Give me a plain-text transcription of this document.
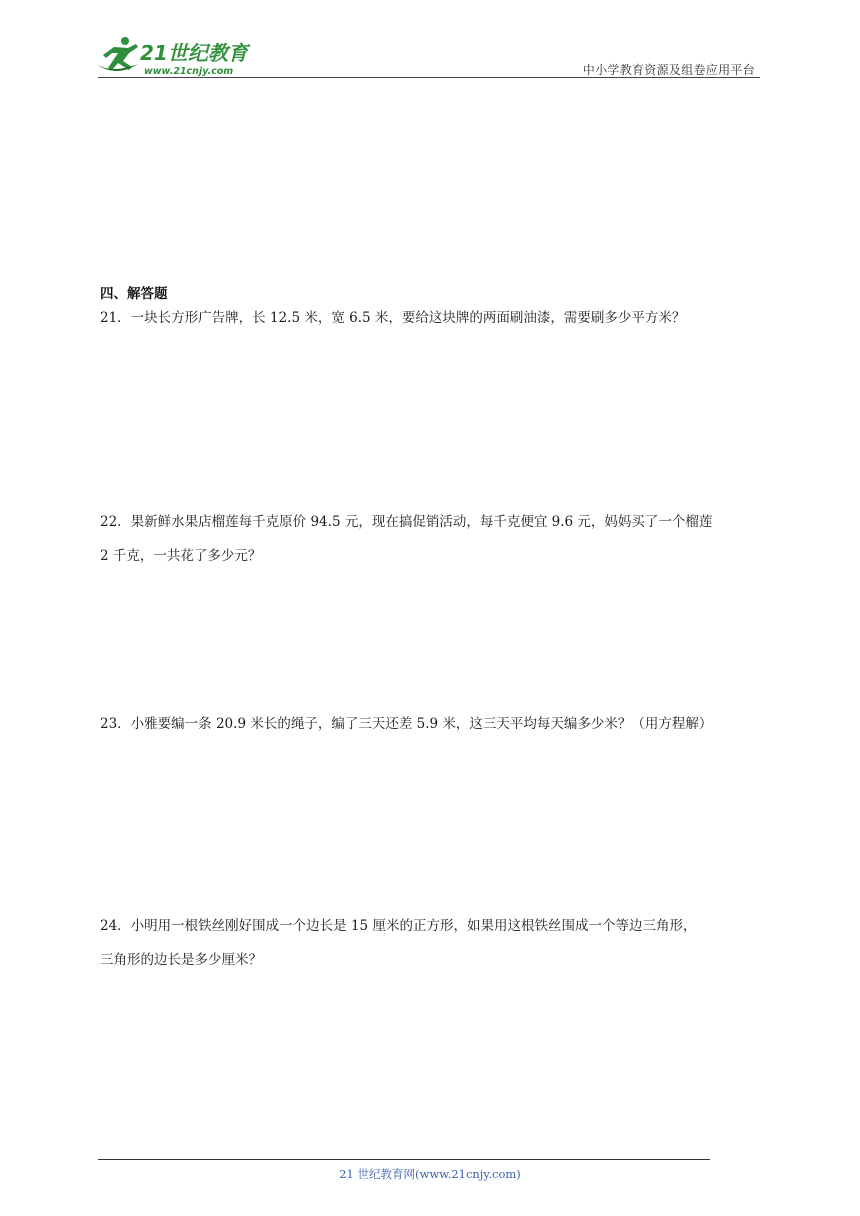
21世纪教育
www.21cnjy.com	中小学教育资源及组卷应用平台
四、解答题
21．一块长方形广告牌，长 12.5 米，宽 6.5 米，要给这块牌的两面刷油漆，需要刷多少平方米？
22．果新鲜水果店榴莲每千克原价 94.5 元，现在搞促销活动，每千克便宜 9.6 元，妈妈买了一个榴莲
2 千克，一共花了多少元？
23．小雅要编一条 20.9 米长的绳子，编了三天还差 5.9 米，这三天平均每天编多少米？（用方程解）
24．小明用一根铁丝刚好围成一个边长是 15 厘米的正方形，如果用这根铁丝围成一个等边三角形，
三角形的边长是多少厘米？
21 世纪教育网(www.21cnjy.com)
